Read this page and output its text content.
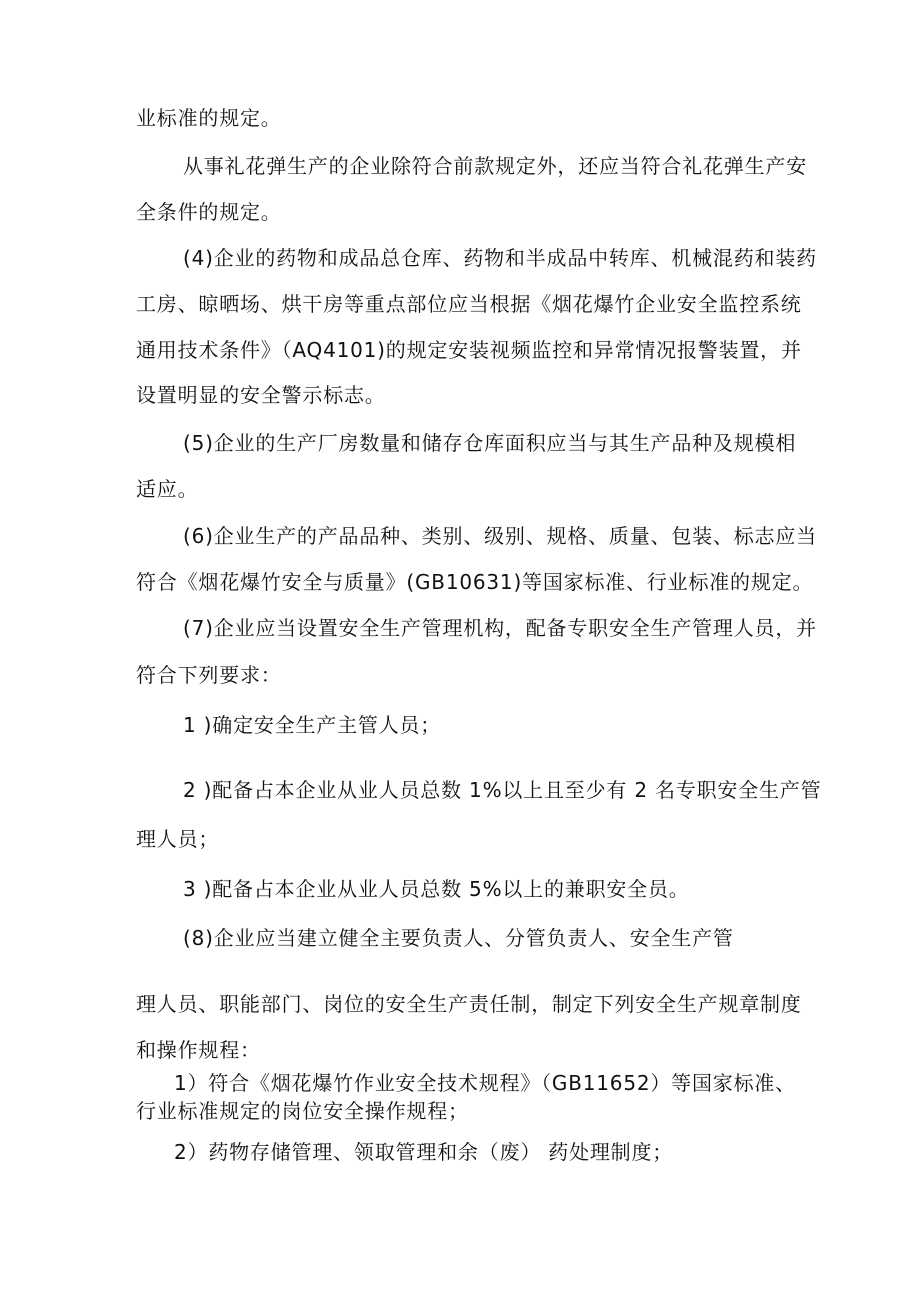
业标准的规定。
从事礼花弹生产的企业除符合前款规定外，还应当符合礼花弹生产安
全条件的规定。
(4)企业的药物和成品总仓库、药物和半成品中转库、机械混药和装药
工房、晾晒场、烘干房等重点部位应当根据《烟花爆竹企业安全监控系统
通用技术条件》（AQ4101)的规定安装视频监控和异常情况报警装置，并
设置明显的安全警示标志。
(5)企业的生产厂房数量和储存仓库面积应当与其生产品种及规模相
适应。
(6)企业生产的产品品种、类别、级别、规格、质量、包装、标志应当
符合《烟花爆竹安全与质量》(GB10631)等国家标准、行业标准的规定。
(7)企业应当设置安全生产管理机构，配备专职安全生产管理人员，并
符合下列要求：
1 )确定安全生产主管人员；
2 )配备占本企业从业人员总数 1%以上且至少有 2 名专职安全生产管
理人员；
3 )配备占本企业从业人员总数 5%以上的兼职安全员。
(8)企业应当建立健全主要负责人、分管负责人、安全生产管
理人员、职能部门、岗位的安全生产责任制，制定下列安全生产规章制度
和操作规程：
1）符合《烟花爆竹作业安全技术规程》（GB11652）等国家标准、
行业标准规定的岗位安全操作规程；
2）药物存储管理、领取管理和余（废） 药处理制度；
